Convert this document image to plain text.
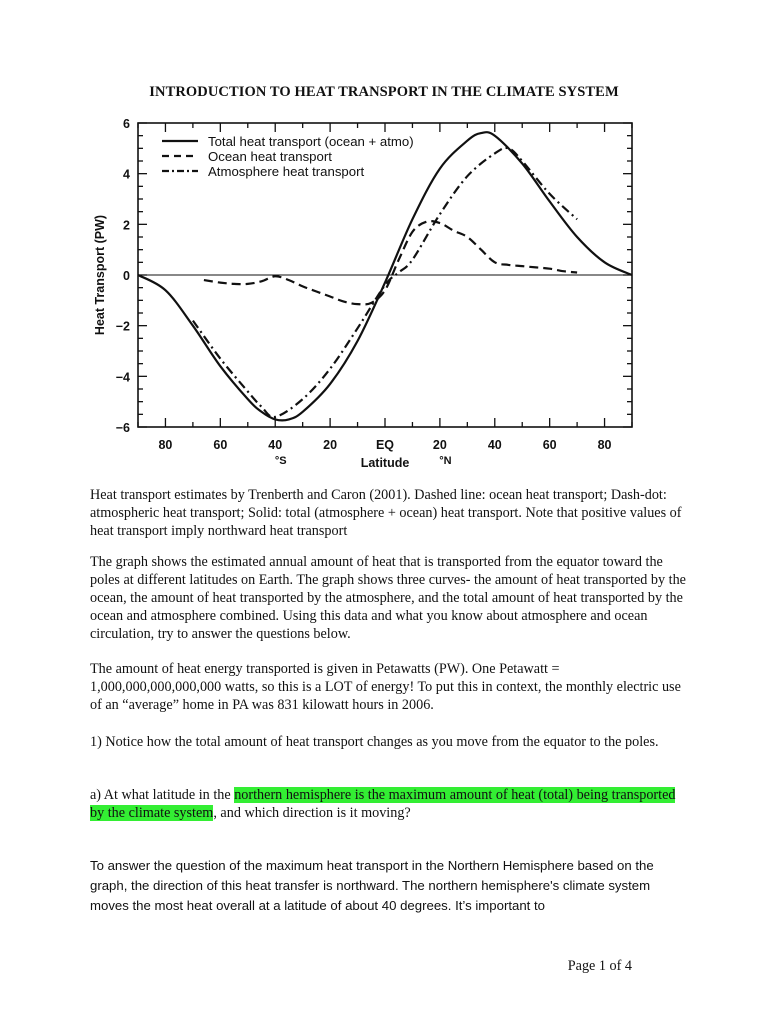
INTRODUCTION TO HEAT TRANSPORT IN THE CLIMATE SYSTEM
80	60	40	20	EQ	20	40	60	80
6
4
2
0
−2
−4
−6
Total heat transport (ocean + atmo)
Ocean heat transport
Atmosphere heat transport
Latitude
°S	°N
Heat Transport (PW)

Heat transport estimates by Trenberth and Caron (2001). Dashed line: ocean heat transport; Dash-dot: atmospheric heat transport; Solid: total (atmosphere + ocean) heat transport. Note that positive values of heat transport imply northward heat transport

The graph shows the estimated annual amount of heat that is transported from the equator toward the poles at different latitudes on Earth. The graph shows three curves- the amount of heat transported by the ocean, the amount of heat transported by the atmosphere, and the total amount of heat transported by the ocean and atmosphere combined. Using this data and what you know about atmosphere and ocean circulation, try to answer the questions below.

The amount of heat energy transported is given in Petawatts (PW). One Petawatt = 1,000,000,000,000,000 watts, so this is a LOT of energy! To put this in context, the monthly electric use of an “average” home in PA was 831 kilowatt hours in 2006.

1) Notice how the total amount of heat transport changes as you move from the equator to the poles.

a) At what latitude in the northern hemisphere is the maximum amount of heat (total) being transported by the climate system, and which direction is it moving?

To answer the question of the maximum heat transport in the Northern Hemisphere based on the graph, the direction of this heat transfer is northward. The northern hemisphere's climate system moves the most heat overall at a latitude of about 40 degrees. It’s important to

Page 1 of 4
